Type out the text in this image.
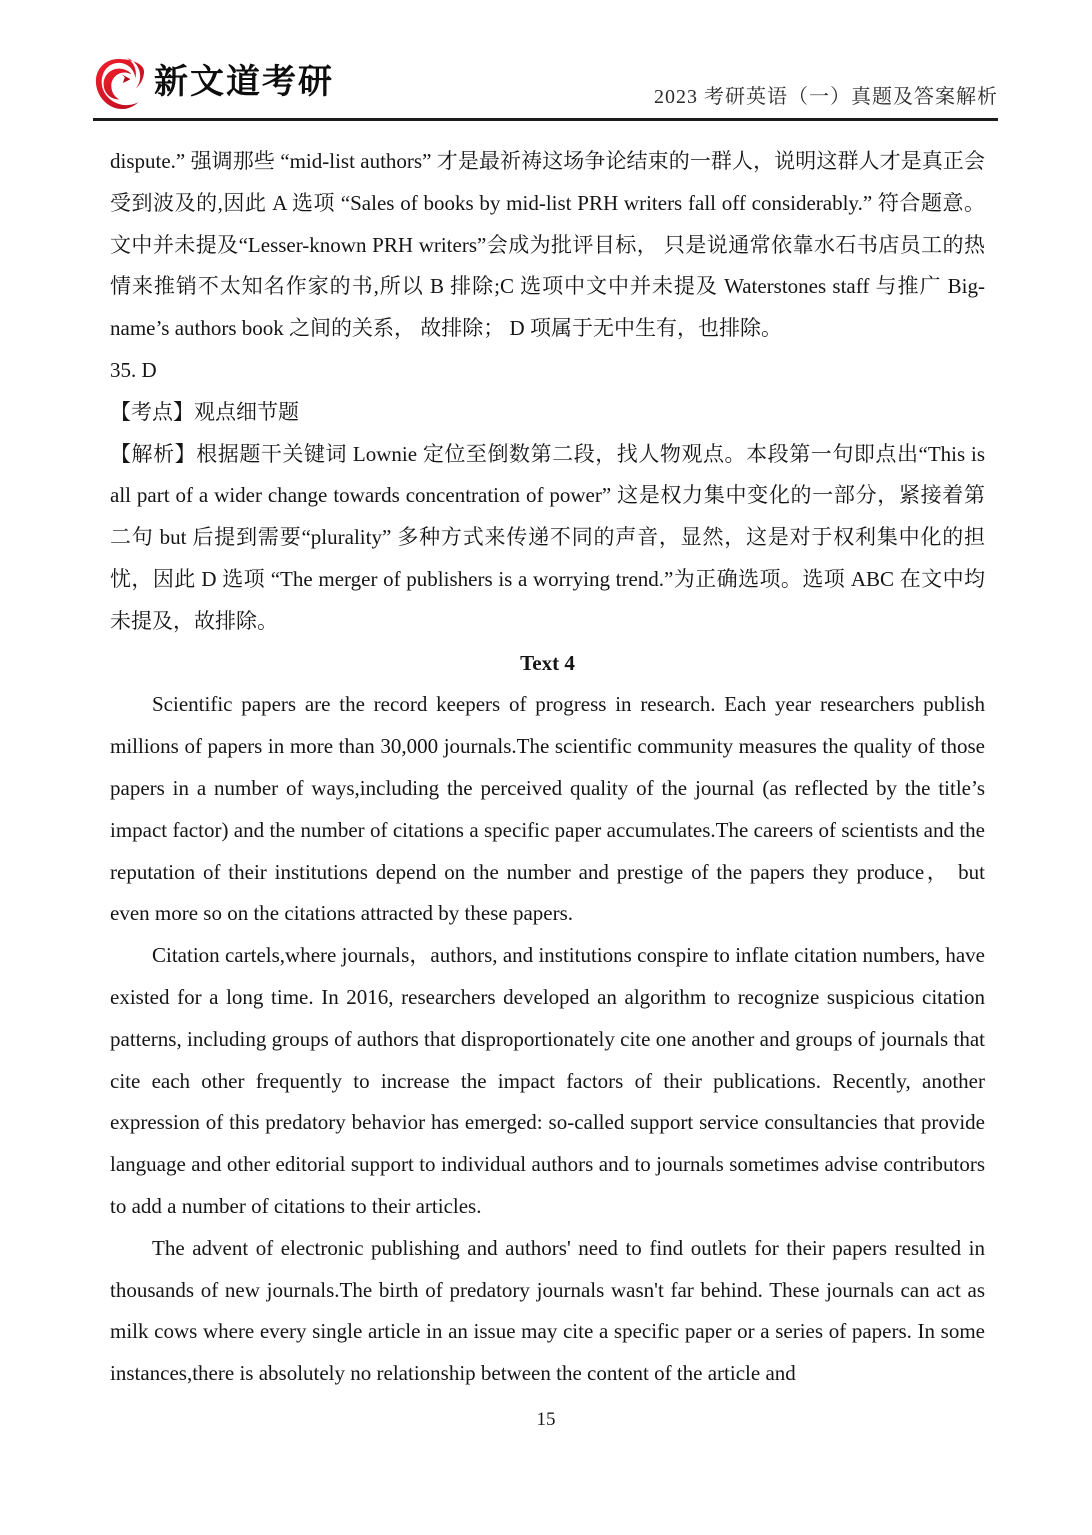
新文道考研	2023 考研英语（一）真题及答案解析

dispute.” 强调那些 “mid-list authors” 才是最祈祷这场争论结束的一群人，说明这群人才是真正会受到波及的,因此 A 选项 “Sales of books by mid-list PRH writers fall off considerably.” 符合题意。 文中并未提及“Lesser-known PRH writers”会成为批评目标， 只是说通常依靠水石书店员工的热情来推销不太知名作家的书,所以 B 排除;C 选项中文中并未提及 Waterstones staff 与推广 Big-name’s authors book 之间的关系， 故排除； D 项属于无中生有，也排除。

35. D

【考点】观点细节题

【解析】根据题干关键词 Lownie 定位至倒数第二段，找人物观点。本段第一句即点出“This is all part of a wider change towards concentration of power” 这是权力集中变化的一部分，紧接着第二句 but 后提到需要“plurality” 多种方式来传递不同的声音，显然，这是对于权利集中化的担忧，因此 D 选项 “The merger of publishers is a worrying trend.”为正确选项。选项 ABC 在文中均未提及，故排除。

Text 4

Scientific papers are the record keepers of progress in research. Each year researchers publish millions of papers in more than 30,000 journals.The scientific community measures the quality of those papers in a number of ways,including the perceived quality of the journal (as reflected by the title’s impact factor) and the number of citations a specific paper accumulates.The careers of scientists and the reputation of their institutions depend on the number and prestige of the papers they produce， but even more so on the citations attracted by these papers.

Citation cartels,where journals，authors, and institutions conspire to inflate citation numbers, have existed for a long time. In 2016, researchers developed an algorithm to recognize suspicious citation patterns, including groups of authors that disproportionately cite one another and groups of journals that cite each other frequently to increase the impact factors of their publications. Recently, another expression of this predatory behavior has emerged: so-called support service consultancies that provide language and other editorial support to individual authors and to journals sometimes advise contributors to add a number of citations to their articles.

The advent of electronic publishing and authors' need to find outlets for their papers resulted in thousands of new journals.The birth of predatory journals wasn't far behind. These journals can act as milk cows where every single article in an issue may cite a specific paper or a series of papers. In some instances,there is absolutely no relationship between the content of the article and

15
